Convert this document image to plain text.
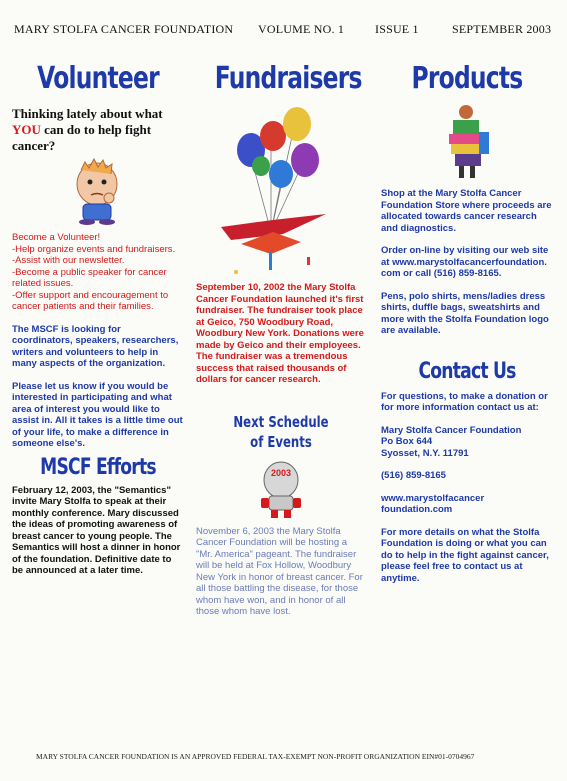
MARY STOLFA CANCER FOUNDATION VOLUME NO. 1	ISSUE 1	SEPTEMBER 2003
Volunteer
Thinking lately about what
YOU can do to help fight cancer?

Become a Volunteer!

-Help organize events and fundraisers.

-Assist with our newsletter.

-Become a public speaker for cancer related issues.

-Offer support and encouragement to cancer patients and their families.

The MSCF is looking for coordinators, speakers, researchers, writers and volunteers to help in many aspects of the organization.

Please let us know if you would be interested in participating and what area of interest you would like to assist in. All it takes is a little time out of your life, to make a difference in someone else's.

MSCF Efforts

February 12, 2003, the "Semantics" invite Mary Stolfa to speak at their monthly conference. Mary discussed the ideas of promoting awareness of breast cancer to young people. The Semantics will host a dinner in honor of the foundation. Definitive date to be announced at a later time.

Fundraisers

September 10, 2002 the Mary Stolfa Cancer Foundation launched it's first fundraiser. The fundraiser took place at Geico, 750 Woodbury Road, Woodbury New York. Donations were made by Geico and their employees. The fundraiser was a tremendous success that raised thousands of dollars for cancer research.

Next Schedule
of Events
2003

November 6, 2003 the Mary Stolfa Cancer Foundation will be hosting a "Mr. America" pageant. The fundraiser will be held at Fox Hollow, Woodbury New York in honor of breast cancer. For all those battling the disease, for those whom have won, and in honor of all those whom have lost.

Products

Shop at the Mary Stolfa Cancer Foundation Store where proceeds are allocated towards cancer research and diagnostics.

Order on-line by visiting our web site at www.marystolfacancerfoundation. com or call (516) 859-8165.

Pens, polo shirts, mens/ladies dress shirts, duffle bags, sweatshirts and more with the Stolfa Foundation logo are available.

Contact Us

For questions, to make a donation or for more information contact us at:

Mary Stolfa Cancer Foundation

Po Box 644

Syosset, N.Y. 11791

(516) 859-8165

www.marystolfacancer foundation.com

For more details on what the Stolfa Foundation is doing or what you can do to help in the fight against cancer, please feel free to contact us at anytime.

MARY STOLFA CANCER FOUNDATION IS AN APPROVED FEDERAL TAX-EXEMPT NON-PROFIT ORGANIZATION EIN#01-0704967
